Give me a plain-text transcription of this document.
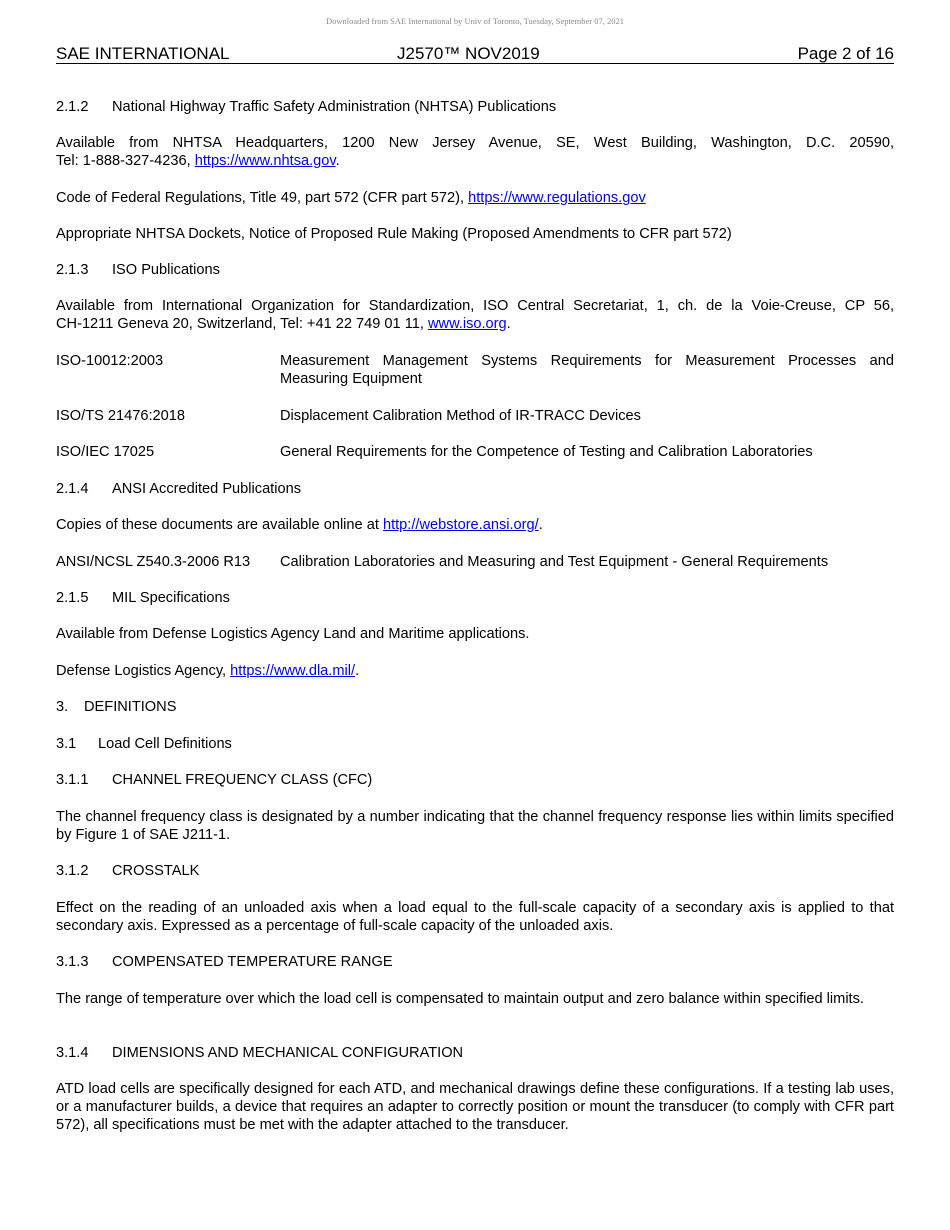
Downloaded from SAE International by Univ of Toronto, Tuesday, September 07, 2021
SAE INTERNATIONAL	J2570™ NOV2019	Page 2 of 16
2.1.2 National Highway Traffic Safety Administration (NHTSA) Publications
Available from NHTSA Headquarters, 1200 New Jersey Avenue, SE, West Building, Washington, D.C. 20590,
Tel: 1-888-327-4236, https://www.nhtsa.gov.
Code of Federal Regulations, Title 49, part 572 (CFR part 572), https://www.regulations.gov
Appropriate NHTSA Dockets, Notice of Proposed Rule Making (Proposed Amendments to CFR part 572)
2.1.3 ISO Publications
Available from International Organization for Standardization, ISO Central Secretariat, 1, ch. de la Voie-Creuse, CP 56,
CH-1211 Geneva 20, Switzerland, Tel: +41 22 749 01 11, www.iso.org.
ISO-10012:2003	Measurement Management Systems Requirements for Measurement Processes and Measuring Equipment
ISO/TS 21476:2018	Displacement Calibration Method of IR-TRACC Devices
ISO/IEC 17025	General Requirements for the Competence of Testing and Calibration Laboratories
2.1.4 ANSI Accredited Publications
Copies of these documents are available online at http://webstore.ansi.org/.
ANSI/NCSL Z540.3-2006 R13 Calibration Laboratories and Measuring and Test Equipment - General Requirements
2.1.5 MIL Specifications
Available from Defense Logistics Agency Land and Maritime applications.
Defense Logistics Agency, https://www.dla.mil/.
3. DEFINITIONS
3.1 Load Cell Definitions
3.1.1 CHANNEL FREQUENCY CLASS (CFC)
The channel frequency class is designated by a number indicating that the channel frequency response lies within limits specified by Figure 1 of SAE J211-1.
3.1.2 CROSSTALK
Effect on the reading of an unloaded axis when a load equal to the full-scale capacity of a secondary axis is applied to that secondary axis. Expressed as a percentage of full-scale capacity of the unloaded axis.
3.1.3 COMPENSATED TEMPERATURE RANGE
The range of temperature over which the load cell is compensated to maintain output and zero balance within specified limits.
3.1.4 DIMENSIONS AND MECHANICAL CONFIGURATION
ATD load cells are specifically designed for each ATD, and mechanical drawings define these configurations. If a testing lab uses, or a manufacturer builds, a device that requires an adapter to correctly position or mount the transducer (to comply with CFR part 572), all specifications must be met with the adapter attached to the transducer.
